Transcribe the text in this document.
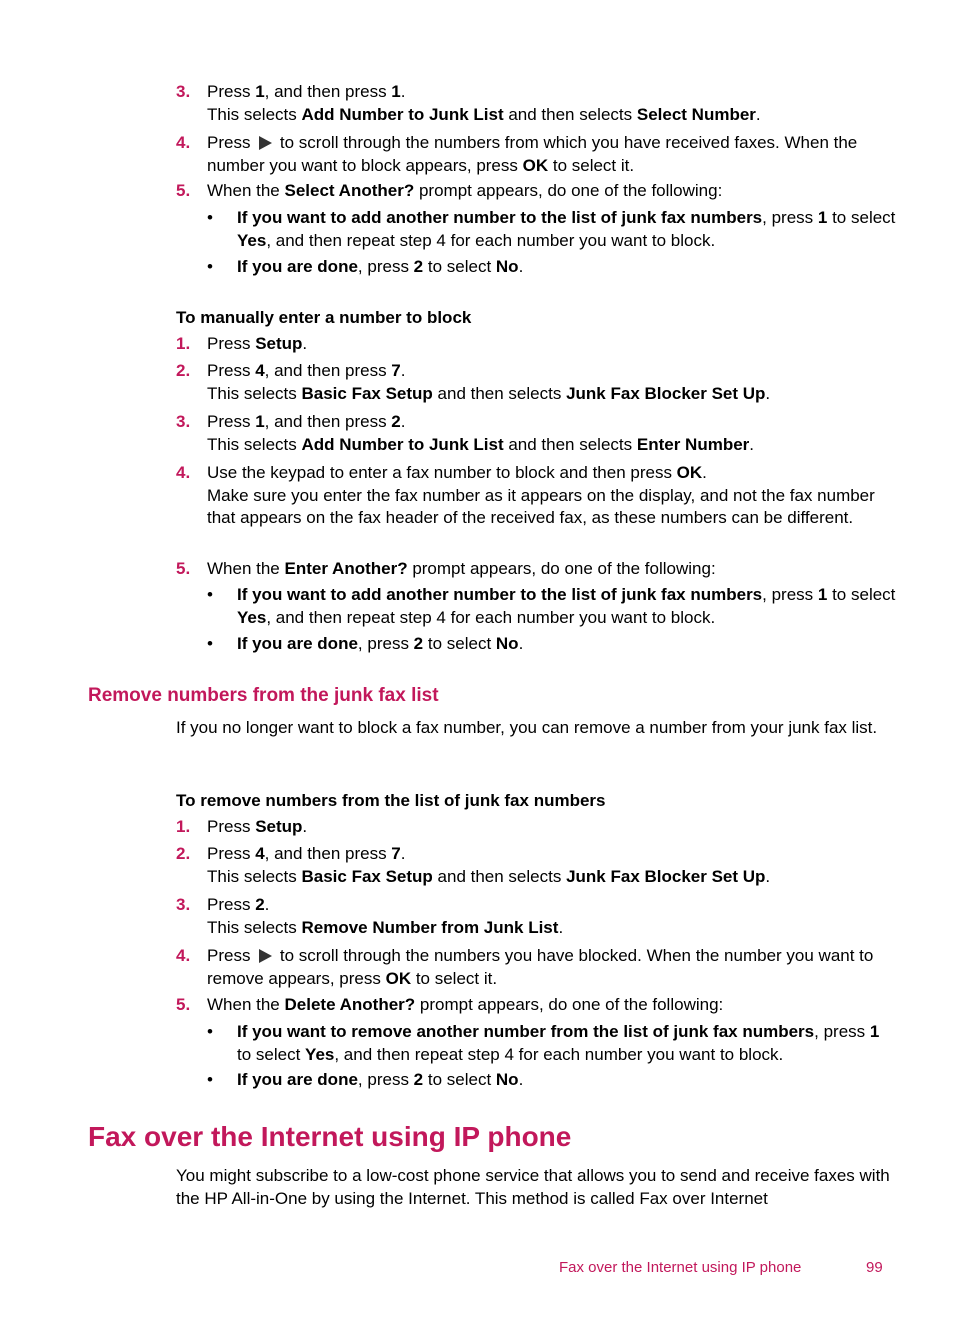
3. Press 1, and then press 1.
This selects Add Number to Junk List and then selects Select Number.
4. Press  to scroll through the numbers from which you have received faxes. When the number you want to block appears, press OK to select it.
5. When the Select Another? prompt appears, do one of the following:
• If you want to add another number to the list of junk fax numbers, press 1 to select Yes, and then repeat step 4 for each number you want to block.
• If you are done, press 2 to select No.
To manually enter a number to block
1. Press Setup.
2. Press 4, and then press 7.
This selects Basic Fax Setup and then selects Junk Fax Blocker Set Up.
3. Press 1, and then press 2.
This selects Add Number to Junk List and then selects Enter Number.
4. Use the keypad to enter a fax number to block and then press OK.
Make sure you enter the fax number as it appears on the display, and not the fax number that appears on the fax header of the received fax, as these numbers can be different.
5. When the Enter Another? prompt appears, do one of the following:
• If you want to add another number to the list of junk fax numbers, press 1 to select Yes, and then repeat step 4 for each number you want to block.
• If you are done, press 2 to select No.
Remove numbers from the junk fax list
If you no longer want to block a fax number, you can remove a number from your junk fax list.
To remove numbers from the list of junk fax numbers
1. Press Setup.
2. Press 4, and then press 7.
This selects Basic Fax Setup and then selects Junk Fax Blocker Set Up.
3. Press 2.
This selects Remove Number from Junk List.
4. Press  to scroll through the numbers you have blocked. When the number you want to remove appears, press OK to select it.
5. When the Delete Another? prompt appears, do one of the following:
• If you want to remove another number from the list of junk fax numbers, press 1 to select Yes, and then repeat step 4 for each number you want to block.
• If you are done, press 2 to select No.
Fax over the Internet using IP phone
You might subscribe to a low-cost phone service that allows you to send and receive faxes with the HP All-in-One by using the Internet. This method is called Fax over Internet
Fax over the Internet using IP phone	99
